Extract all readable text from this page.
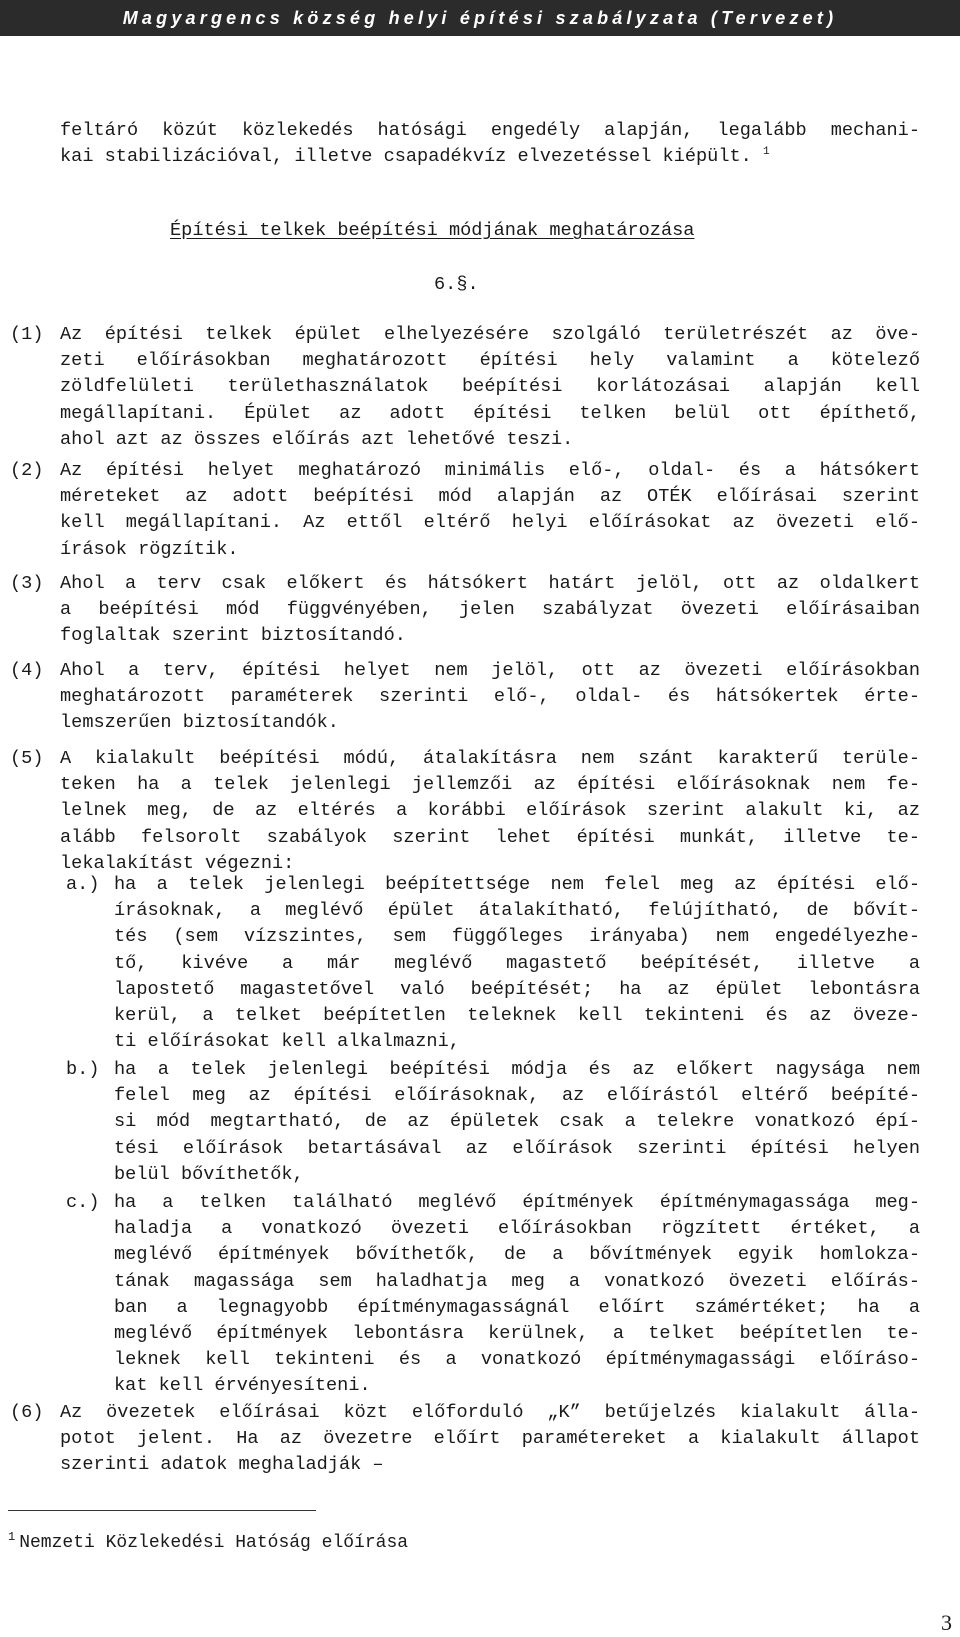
Magyargencs község helyi építési szabályzata (Tervezet)
feltáró közút közlekedés hatósági engedély alapján, legalább mechani-
kai stabilizációval, illetve csapadékvíz elvezetéssel kiépült. $^1$
Építési telkek beépítési módjának meghatározása
6.§.
(1) Az építési telkek épület elhelyezésére szolgáló területrészét az öve-
zeti előírásokban meghatározott építési hely valamint a kötelező
zöldfelületi területhasználatok beépítési korlátozásai alapján kell
megállapítani. Épület az adott építési telken belül ott építhető,
ahol azt az összes előírás azt lehetővé teszi.
(2) Az építési helyet meghatározó minimális elő-, oldal- és a hátsókert
méreteket az adott beépítési mód alapján az OTÉK előírásai szerint
kell megállapítani. Az ettől eltérő helyi előírásokat az övezeti elő-
írások rögzítik.
(3) Ahol a terv csak előkert és hátsókert határt jelöl, ott az oldalkert
a beépítési mód függvényében, jelen szabályzat övezeti előírásaiban
foglaltak szerint biztosítandó.
(4) Ahol a terv, építési helyet nem jelöl, ott az övezeti előírásokban
meghatározott paraméterek szerinti elő-, oldal- és hátsókertek érte-
lemszerűen biztosítandók.
(5) A kialakult beépítési módú, átalakításra nem szánt karakterű terüle-
teken ha a telek jelenlegi jellemzői az építési előírásoknak nem fe-
lelnek meg, de az eltérés a korábbi előírások szerint alakult ki, az
alább felsorolt szabályok szerint lehet építési munkát, illetve te-
lekalakítást végezni:
a.) ha a telek jelenlegi beépítettsége nem felel meg az építési elő-
írásoknak, a meglévő épület átalakítható, felújítható, de bővít-
tés (sem vízszintes, sem függőleges irányaba) nem engedélyezhe-
tő, kivéve a már meglévő magastető beépítését, illetve a
lapostető magastetővel való beépítését; ha az épület lebontásra
kerül, a telket beépítetlen teleknek kell tekinteni és az öveze-
ti előírásokat kell alkalmazni,
b.) ha a telek jelenlegi beépítési módja és az előkert nagysága nem
felel meg az építési előírásoknak, az előírástól eltérő beépíté-
si mód megtartható, de az épületek csak a telekre vonatkozó épí-
tési előírások betartásával az előírások szerinti építési helyen
belül bővíthetők,
c.) ha a telken található meglévő építmények építménymagassága meg-
haladja a vonatkozó övezeti előírásokban rögzített értéket, a
meglévő építmények bővíthetők, de a bővítmények egyik homlokza-
tának magassága sem haladhatja meg a vonatkozó övezeti előírás-
ban a legnagyobb építménymagasságnál előírt számértéket; ha a
meglévő építmények lebontásra kerülnek, a telket beépítetlen te-
leknek kell tekinteni és a vonatkozó építménymagassági előíráso-
kat kell érvényesíteni.
(6) Az övezetek előírásai közt előforduló „K” betűjelzés kialakult álla-
potot jelent. Ha az övezetre előírt paramétereket a kialakult állapot
szerinti adatok meghaladják –
$^1$ Nemzeti Közlekedési Hatóság előírása
3
